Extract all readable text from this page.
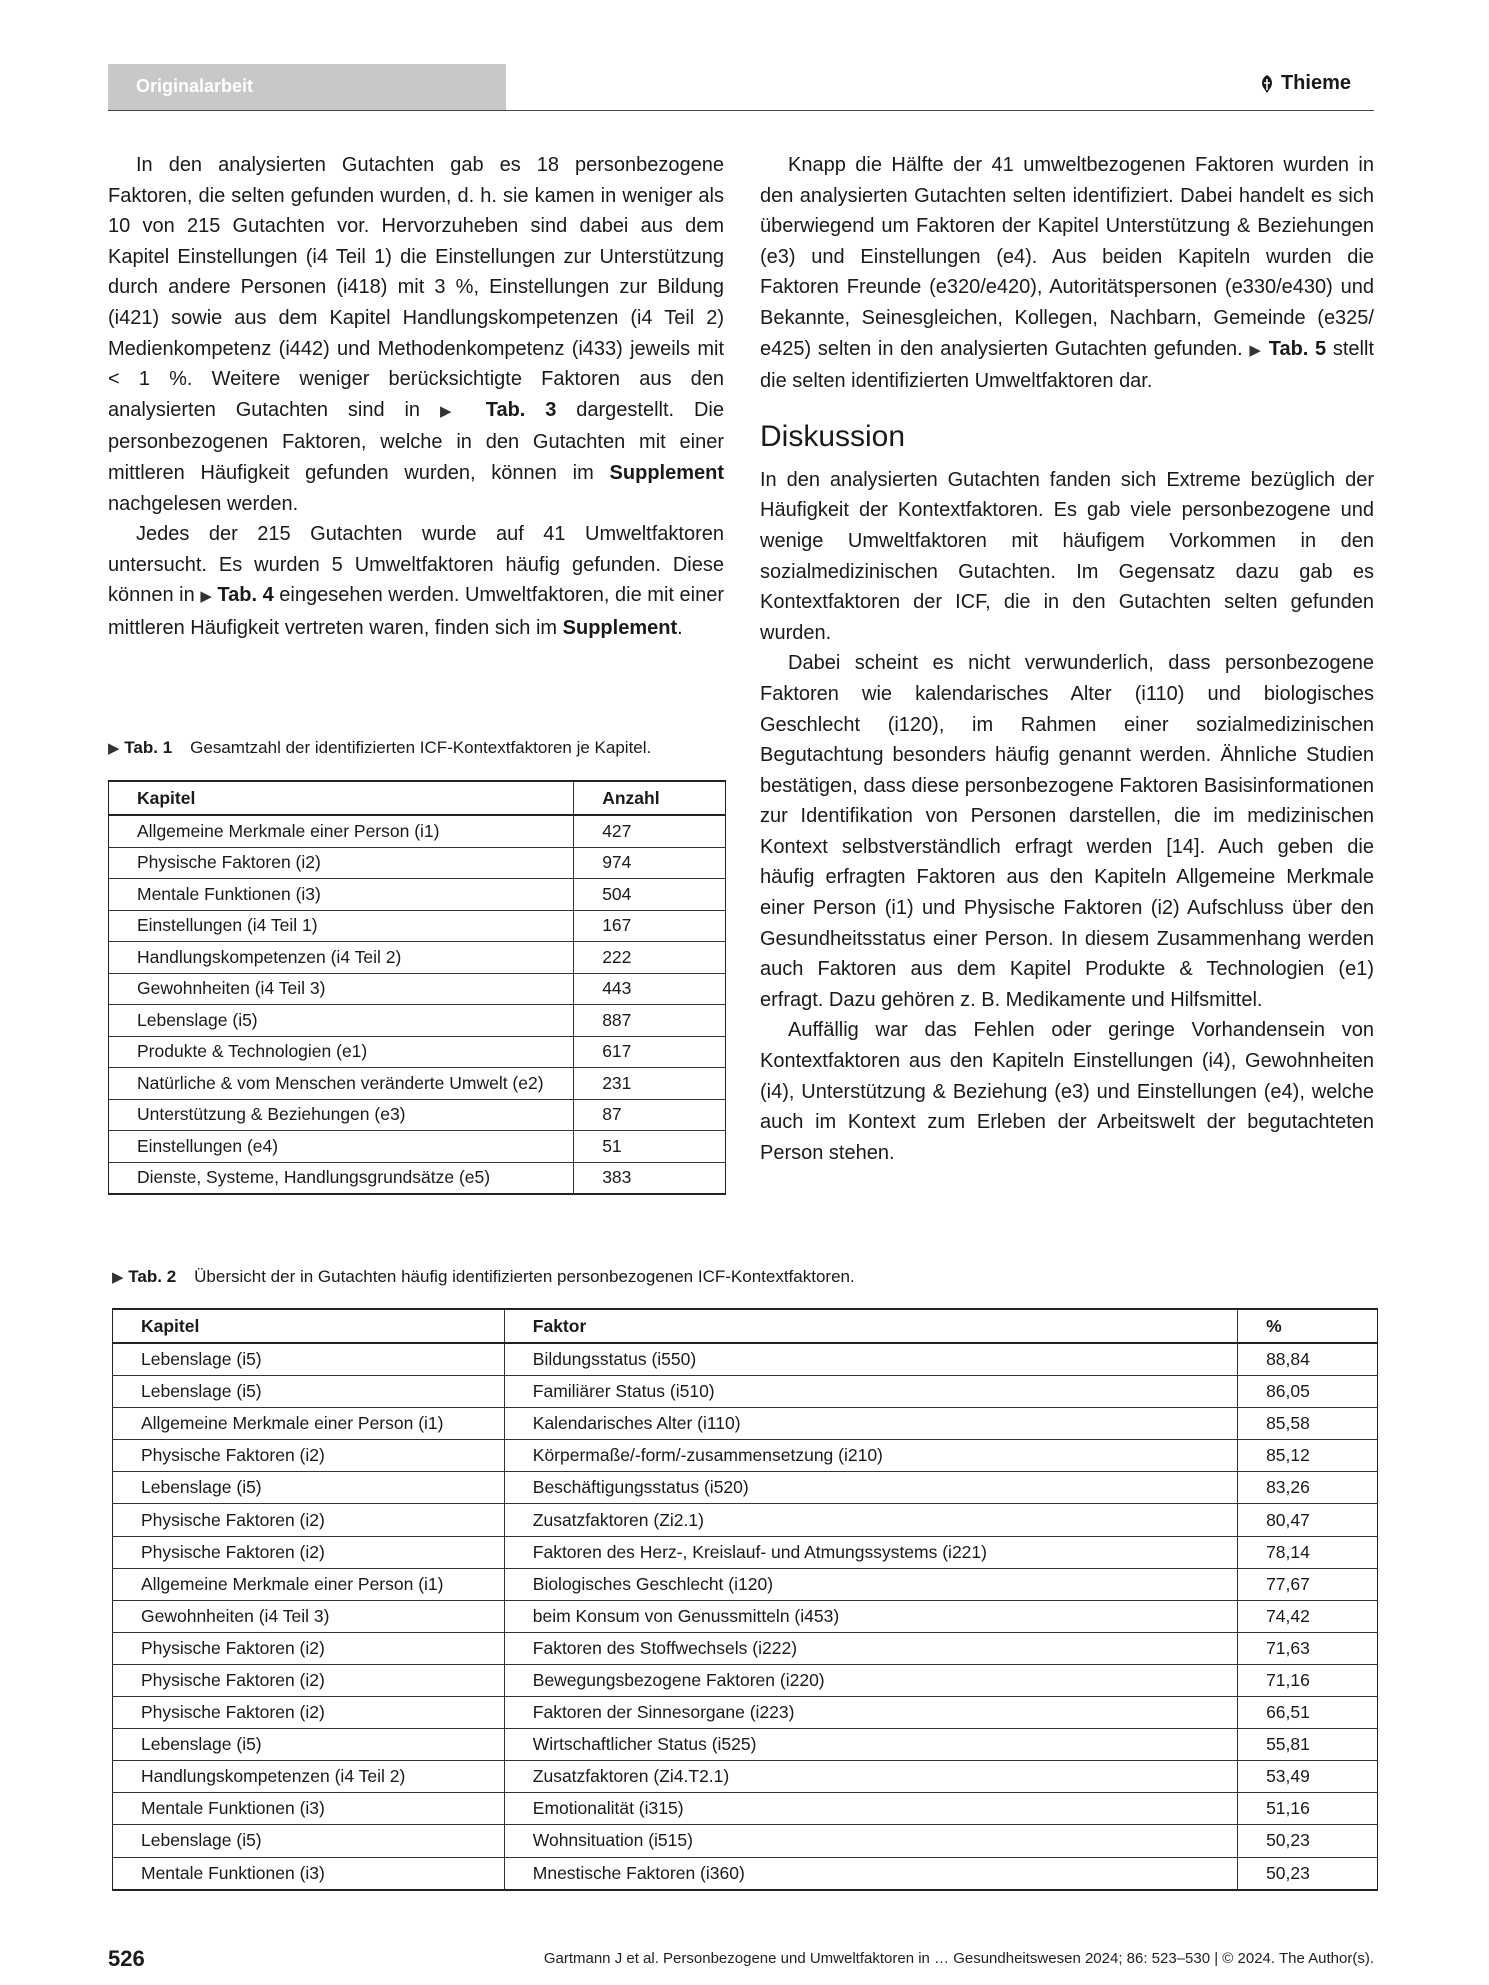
Originalarbeit	Thieme

In den analysierten Gutachten gab es 18 personbezogene Faktoren, die selten gefunden wurden, d. h. sie kamen in weniger als 10 von 215 Gutachten vor. Hervorzuheben sind dabei aus dem Kapitel Einstellungen (i4 Teil 1) die Einstellungen zur Unterstützung durch andere Personen (i418) mit 3 %, Einstellungen zur Bildung (i421) sowie aus dem Kapitel Handlungskompetenzen (i4 Teil 2) Medienkompetenz (i442) und Methodenkompetenz (i433) jeweils mit < 1 %. Weitere weniger berücksichtigte Faktoren aus den analysierten Gutachten sind in ▶ Tab. 3 dargestellt. Die personbezogenen Faktoren, welche in den Gutachten mit einer mittleren Häufigkeit gefunden wurden, können im Supplement nachgelesen werden.

Jedes der 215 Gutachten wurde auf 41 Umweltfaktoren untersucht. Es wurden 5 Umweltfaktoren häufig gefunden. Diese können in ▶ Tab. 4 eingesehen werden. Umweltfaktoren, die mit einer mittleren Häufigkeit vertreten waren, finden sich im Supplement.

Knapp die Hälfte der 41 umweltbezogenen Faktoren wurden in den analysierten Gutachten selten identifiziert. Dabei handelt es sich überwiegend um Faktoren der Kapitel Unterstützung & Beziehungen (e3) und Einstellungen (e4). Aus beiden Kapiteln wurden die Faktoren Freunde (e320/e420), Autoritätspersonen (e330/e430) und Bekannte, Seinesgleichen, Kollegen, Nachbarn, Gemeinde (e325/ e425) selten in den analysierten Gutachten gefunden. ▶ Tab. 5 stellt die selten identifizierten Umweltfaktoren dar.

Diskussion

In den analysierten Gutachten fanden sich Extreme bezüglich der Häufigkeit der Kontextfaktoren. Es gab viele personbezogene und wenige Umweltfaktoren mit häufigem Vorkommen in den sozialmedizinischen Gutachten. Im Gegensatz dazu gab es Kontextfaktoren der ICF, die in den Gutachten selten gefunden wurden.

Dabei scheint es nicht verwunderlich, dass personbezogene Faktoren wie kalendarisches Alter (i110) und biologisches Geschlecht (i120), im Rahmen einer sozialmedizinischen Begutachtung besonders häufig genannt werden. Ähnliche Studien bestätigen, dass diese personbezogene Faktoren Basisinformationen zur Identifikation von Personen darstellen, die im medizinischen Kontext selbstverständlich erfragt werden [14]. Auch geben die häufig erfragten Faktoren aus den Kapiteln Allgemeine Merkmale einer Person (i1) und Physische Faktoren (i2) Aufschluss über den Gesundheitsstatus einer Person. In diesem Zusammenhang werden auch Faktoren aus dem Kapitel Produkte & Technologien (e1) erfragt. Dazu gehören z. B. Medikamente und Hilfsmittel.

Auffällig war das Fehlen oder geringe Vorhandensein von Kontextfaktoren aus den Kapiteln Einstellungen (i4), Gewohnheiten (i4), Unterstützung & Beziehung (e3) und Einstellungen (e4), welche auch im Kontext zum Erleben der Arbeitswelt der begutachteten Person stehen.

▶ Tab. 1 Gesamtzahl der identifizierten ICF-Kontextfaktoren je Kapitel.
Kapitel	Anzahl
Allgemeine Merkmale einer Person (i1)	427
Physische Faktoren (i2)	974
Mentale Funktionen (i3)	504
Einstellungen (i4 Teil 1)	167
Handlungskompetenzen (i4 Teil 2)	222
Gewohnheiten (i4 Teil 3)	443
Lebenslage (i5)	887
Produkte & Technologien (e1)	617
Natürliche & vom Menschen veränderte Umwelt (e2)	231
Unterstützung & Beziehungen (e3)	87
Einstellungen (e4)	51
Dienste, Systeme, Handlungsgrundsätze (e5)	383
▶ Tab. 2 Übersicht der in Gutachten häufig identifizierten personbezogenen ICF-Kontextfaktoren.
Kapitel	Faktor	%
Lebenslage (i5)	Bildungsstatus (i550)	88,84
Lebenslage (i5)	Familiärer Status (i510)	86,05
Allgemeine Merkmale einer Person (i1)	Kalendarisches Alter (i110)	85,58
Physische Faktoren (i2)	Körpermaße/-form/-zusammensetzung (i210)	85,12
Lebenslage (i5)	Beschäftigungsstatus (i520)	83,26
Physische Faktoren (i2)	Zusatzfaktoren (Zi2.1)	80,47
Physische Faktoren (i2)	Faktoren des Herz-, Kreislauf- und Atmungssystems (i221)	78,14
Allgemeine Merkmale einer Person (i1)	Biologisches Geschlecht (i120)	77,67
Gewohnheiten (i4 Teil 3)	beim Konsum von Genussmitteln (i453)	74,42
Physische Faktoren (i2)	Faktoren des Stoffwechsels (i222)	71,63
Physische Faktoren (i2)	Bewegungsbezogene Faktoren (i220)	71,16
Physische Faktoren (i2)	Faktoren der Sinnesorgane (i223)	66,51
Lebenslage (i5)	Wirtschaftlicher Status (i525)	55,81
Handlungskompetenzen (i4 Teil 2)	Zusatzfaktoren (Zi4.T2.1)	53,49
Mentale Funktionen (i3)	Emotionalität (i315)	51,16
Lebenslage (i5)	Wohnsituation (i515)	50,23
Mentale Funktionen (i3)	Mnestische Faktoren (i360)	50,23
526	Gartmann J et al. Personbezogene und Umweltfaktoren in … Gesundheitswesen 2024; 86: 523–530 | © 2024. The Author(s).
